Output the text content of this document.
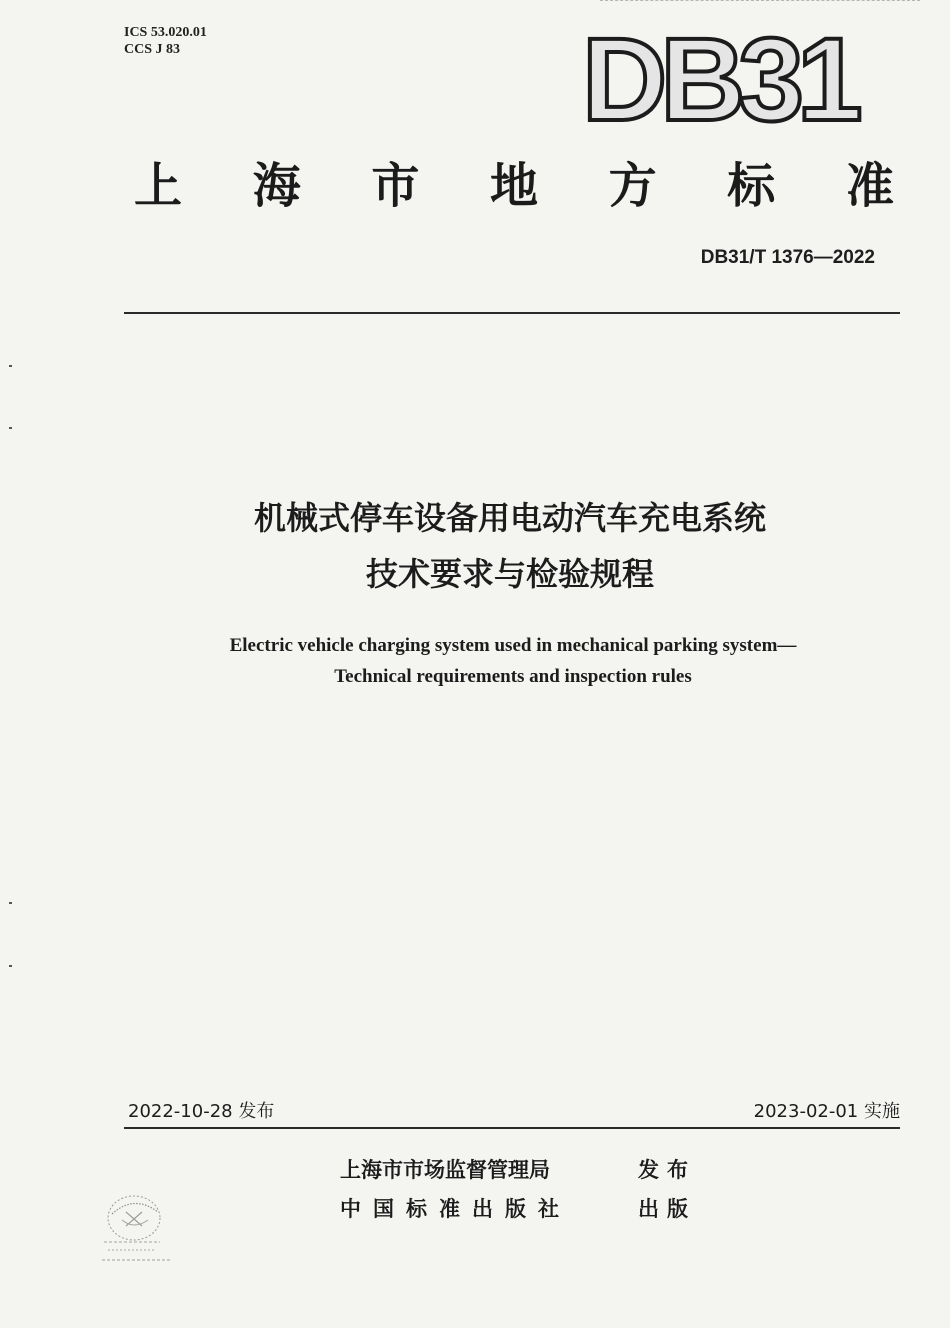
ICS 53.020.01
CCS J 83	DB31
上 海 市 地 方 标 准
DB31/T 1376—2022
机械式停车设备用电动汽车充电系统
技术要求与检验规程
Electric vehicle charging system used in mechanical parking system—
Technical requirements and inspection rules
2022-10-28 发布	2023-02-01 实施
上海市市场监督管理局	发布
中国标准出版社	出版
